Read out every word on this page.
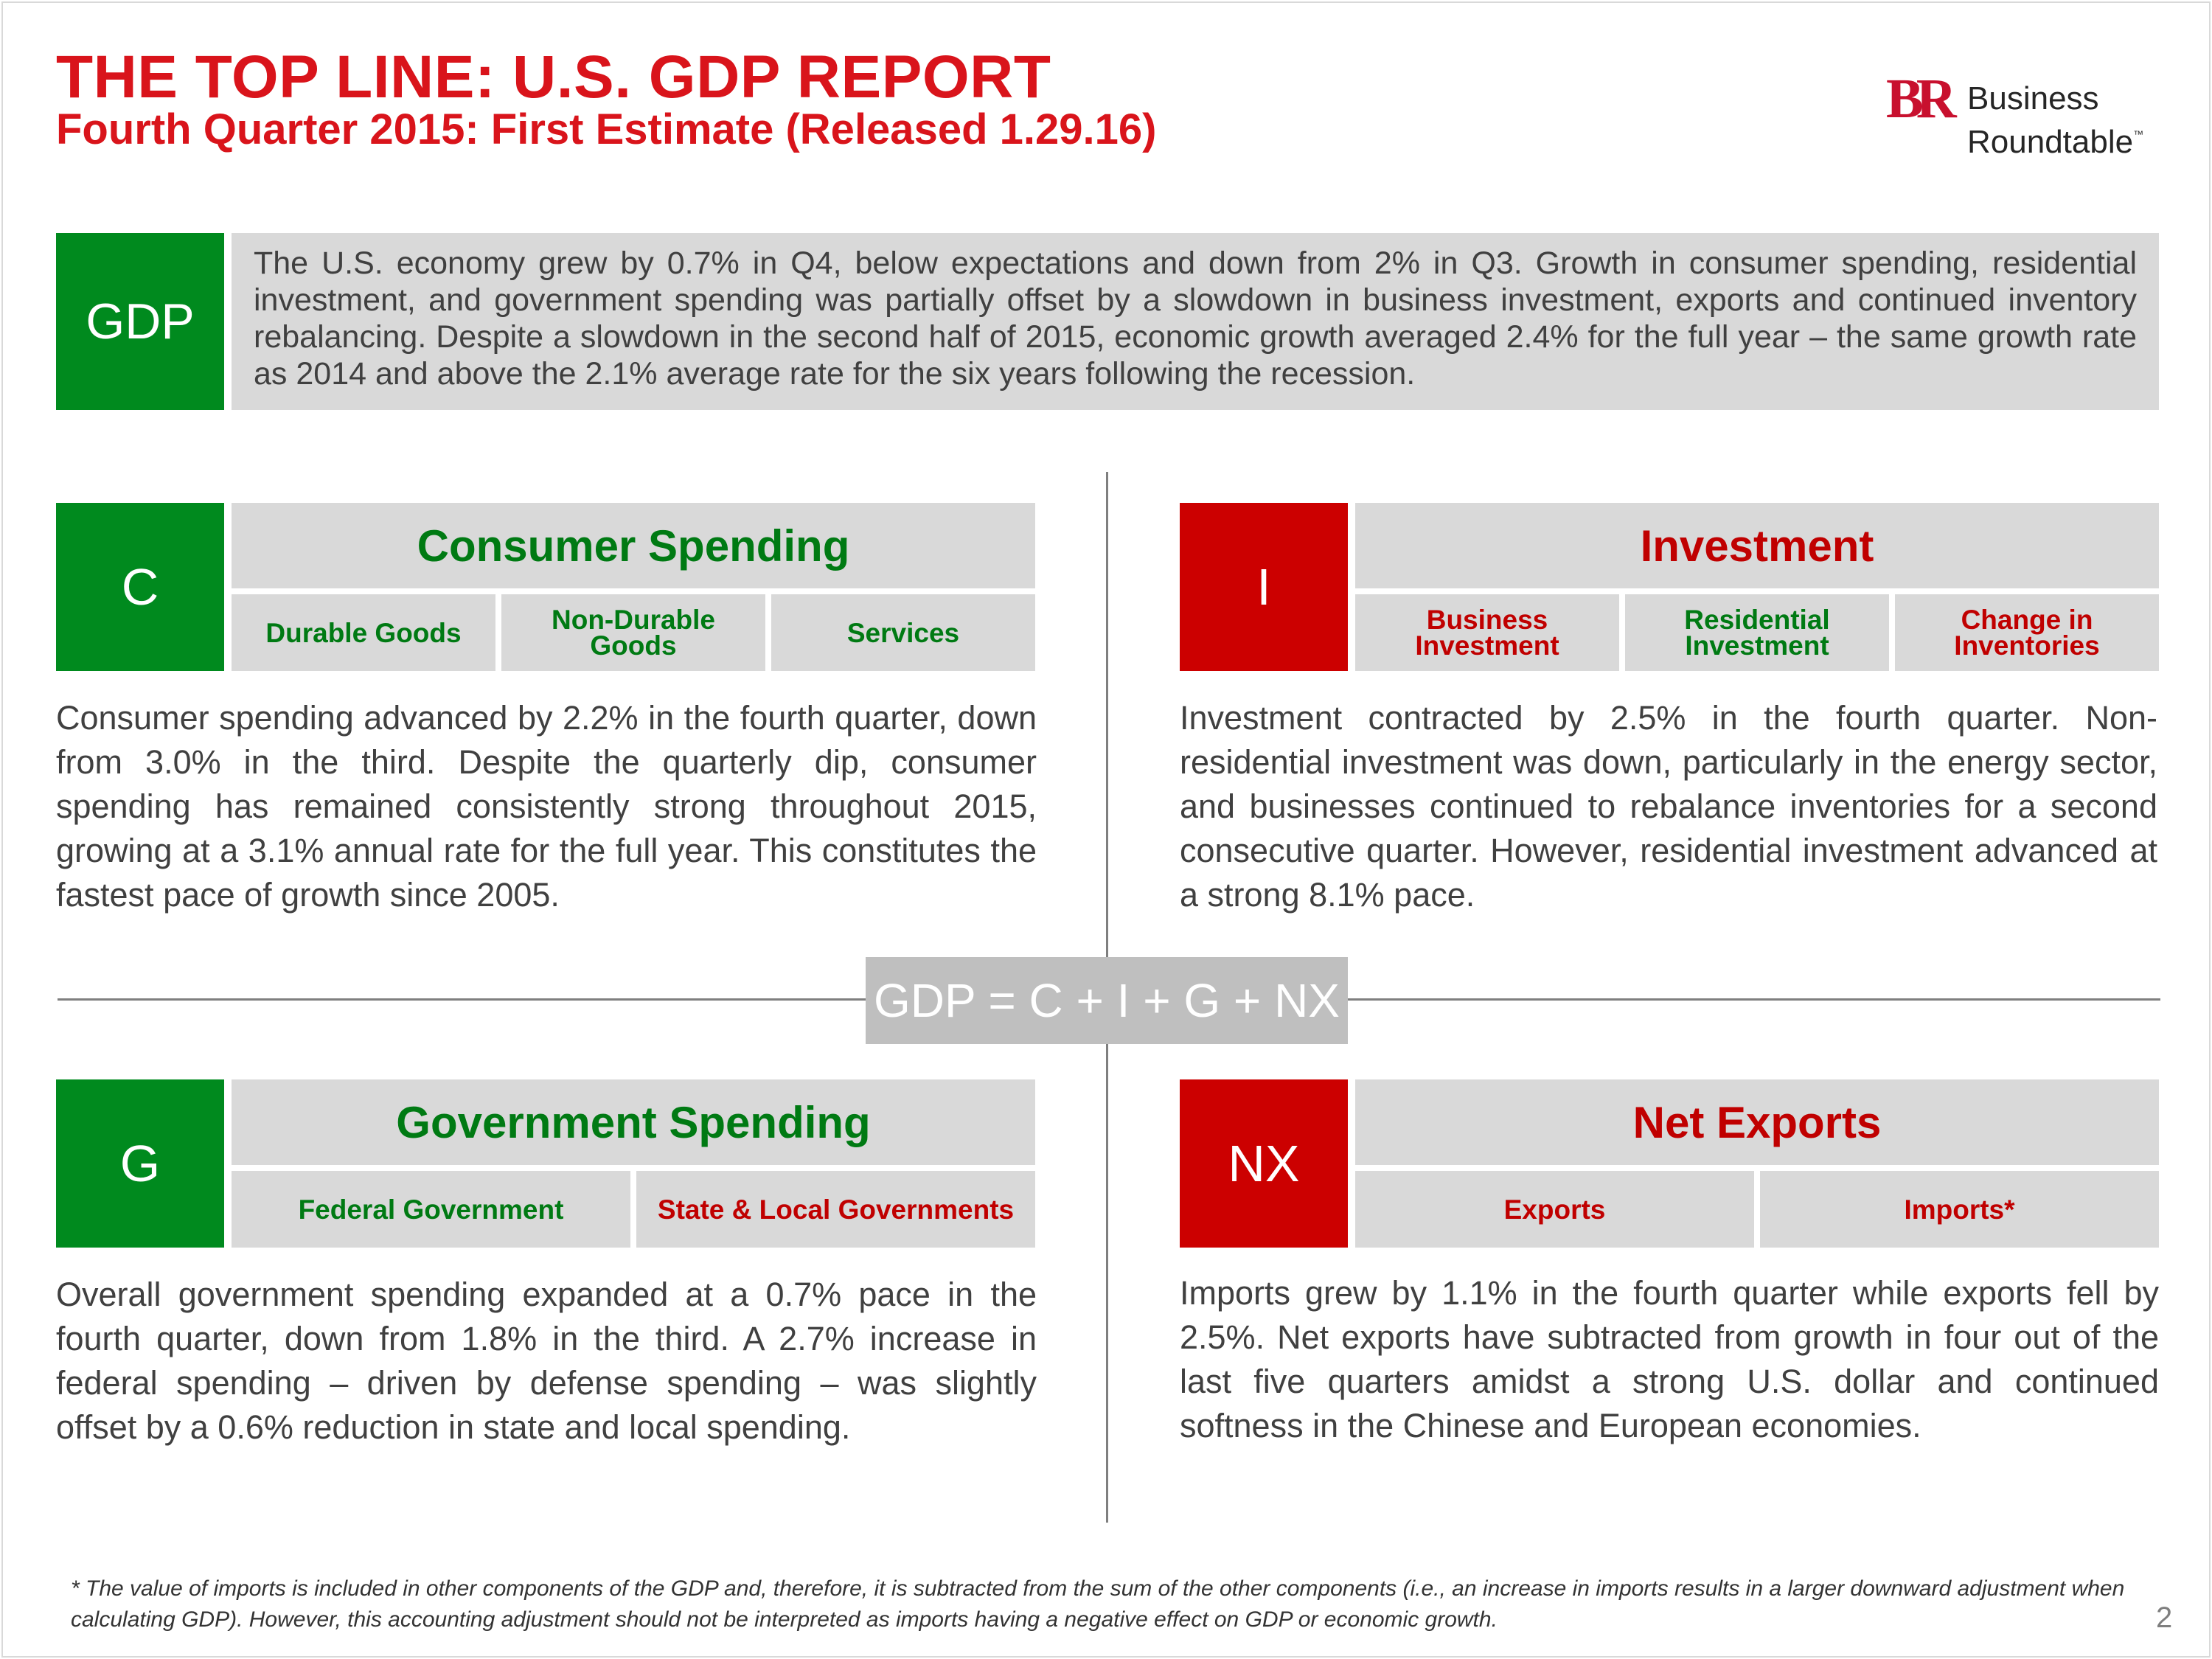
THE TOP LINE: U.S. GDP REPORT
Fourth Quarter 2015: First Estimate (Released 1.29.16)	BR Business
Roundtable™
GDP
The U.S. economy grew by 0.7% in Q4, below expectations and down from 2% in Q3. Growth in consumer spending, residential investment, and government spending was partially offset by a slowdown in business investment, exports and continued inventory rebalancing. Despite a slowdown in the second half of 2015, economic growth averaged 2.4% for the full year – the same growth rate as 2014 and above the 2.1% average rate for the six years following the recession.
GDP = C + I + G + NX
C
Consumer Spending
Durable Goods	Non-Durable Goods	Services
Consumer spending advanced by 2.2% in the fourth quarter, down from 3.0% in the third. Despite the quarterly dip, consumer spending has remained consistently strong throughout 2015, growing at a 3.1% annual rate for the full year. This constitutes the fastest pace of growth since 2005.
I
Investment
Business Investment
Residential Investment
Change in Inventories
Investment contracted by 2.5% in the fourth quarter. Non-residential investment was down, particularly in the energy sector, and businesses continued to rebalance inventories for a second consecutive quarter. However, residential investment advanced at a strong 8.1% pace.
G
Government Spending
Federal Government	State & Local Governments
Overall government spending expanded at a 0.7% pace in the fourth quarter, down from 1.8% in the third. A 2.7% increase in federal spending – driven by defense spending – was slightly offset by a 0.6% reduction in state and local spending.
NX
Net Exports
Exports	Imports*
Imports grew by 1.1% in the fourth quarter while exports fell by 2.5%. Net exports have subtracted from growth in four out of the last five quarters amidst a strong U.S. dollar and continued softness in the Chinese and European economies.
* The value of imports is included in other components of the GDP and, therefore, it is subtracted from the sum of the other components (i.e., an increase in imports results in a larger downward adjustment when calculating GDP). However, this accounting adjustment should not be interpreted as imports having a negative effect on GDP or economic growth.	2
